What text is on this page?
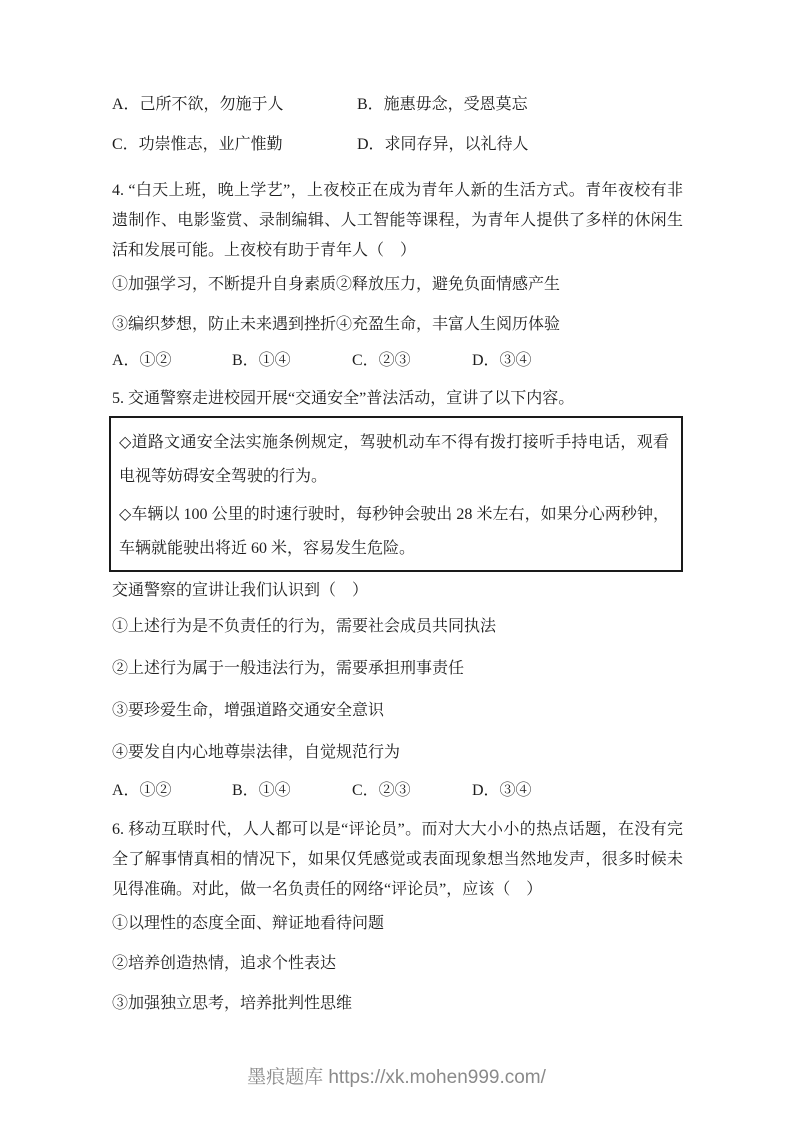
A．己所不欲，勿施于人	B．施惠毋念，受恩莫忘
C．功崇惟志，业广惟勤	D．求同存异，以礼待人

4. “白天上班，晚上学艺”，上夜校正在成为青年人新的生活方式。青年夜校有非遗制作、电影鉴赏、录制编辑、人工智能等课程，为青年人提供了多样的休闲生活和发展可能。上夜校有助于青年人（　）

①加强学习，不断提升自身素质②释放压力，避免负面情感产生

③编织梦想，防止未来遇到挫折④充盈生命，丰富人生阅历体验

A．①②	B．①④	C．②③	D．③④

5. 交通警察走进校园开展“交通安全”普法活动，宣讲了以下内容。

◇道路文通安全法实施条例规定，驾驶机动车不得有拨打接听手持电话，观看电视等妨碍安全驾驶的行为。

◇车辆以 100 公里的时速行驶时，每秒钟会驶出 28 米左右，如果分心两秒钟，车辆就能驶出将近 60 米，容易发生危险。

交通警察的宣讲让我们认识到（　）

①上述行为是不负责任的行为，需要社会成员共同执法

②上述行为属于一般违法行为，需要承担刑事责任

③要珍爱生命，增强道路交通安全意识

④要发自内心地尊崇法律，自觉规范行为

A．①②	B．①④	C．②③	D．③④

6. 移动互联时代，人人都可以是“评论员”。而对大大小小的热点话题，在没有完全了解事情真相的情况下，如果仅凭感觉或表面现象想当然地发声，很多时候未见得准确。对此，做一名负责任的网络“评论员”，应该（　）

①以理性的态度全面、辩证地看待问题

②培养创造热情，追求个性表达

③加强独立思考，培养批判性思维

墨痕题库 https://xk.mohen999.com/
